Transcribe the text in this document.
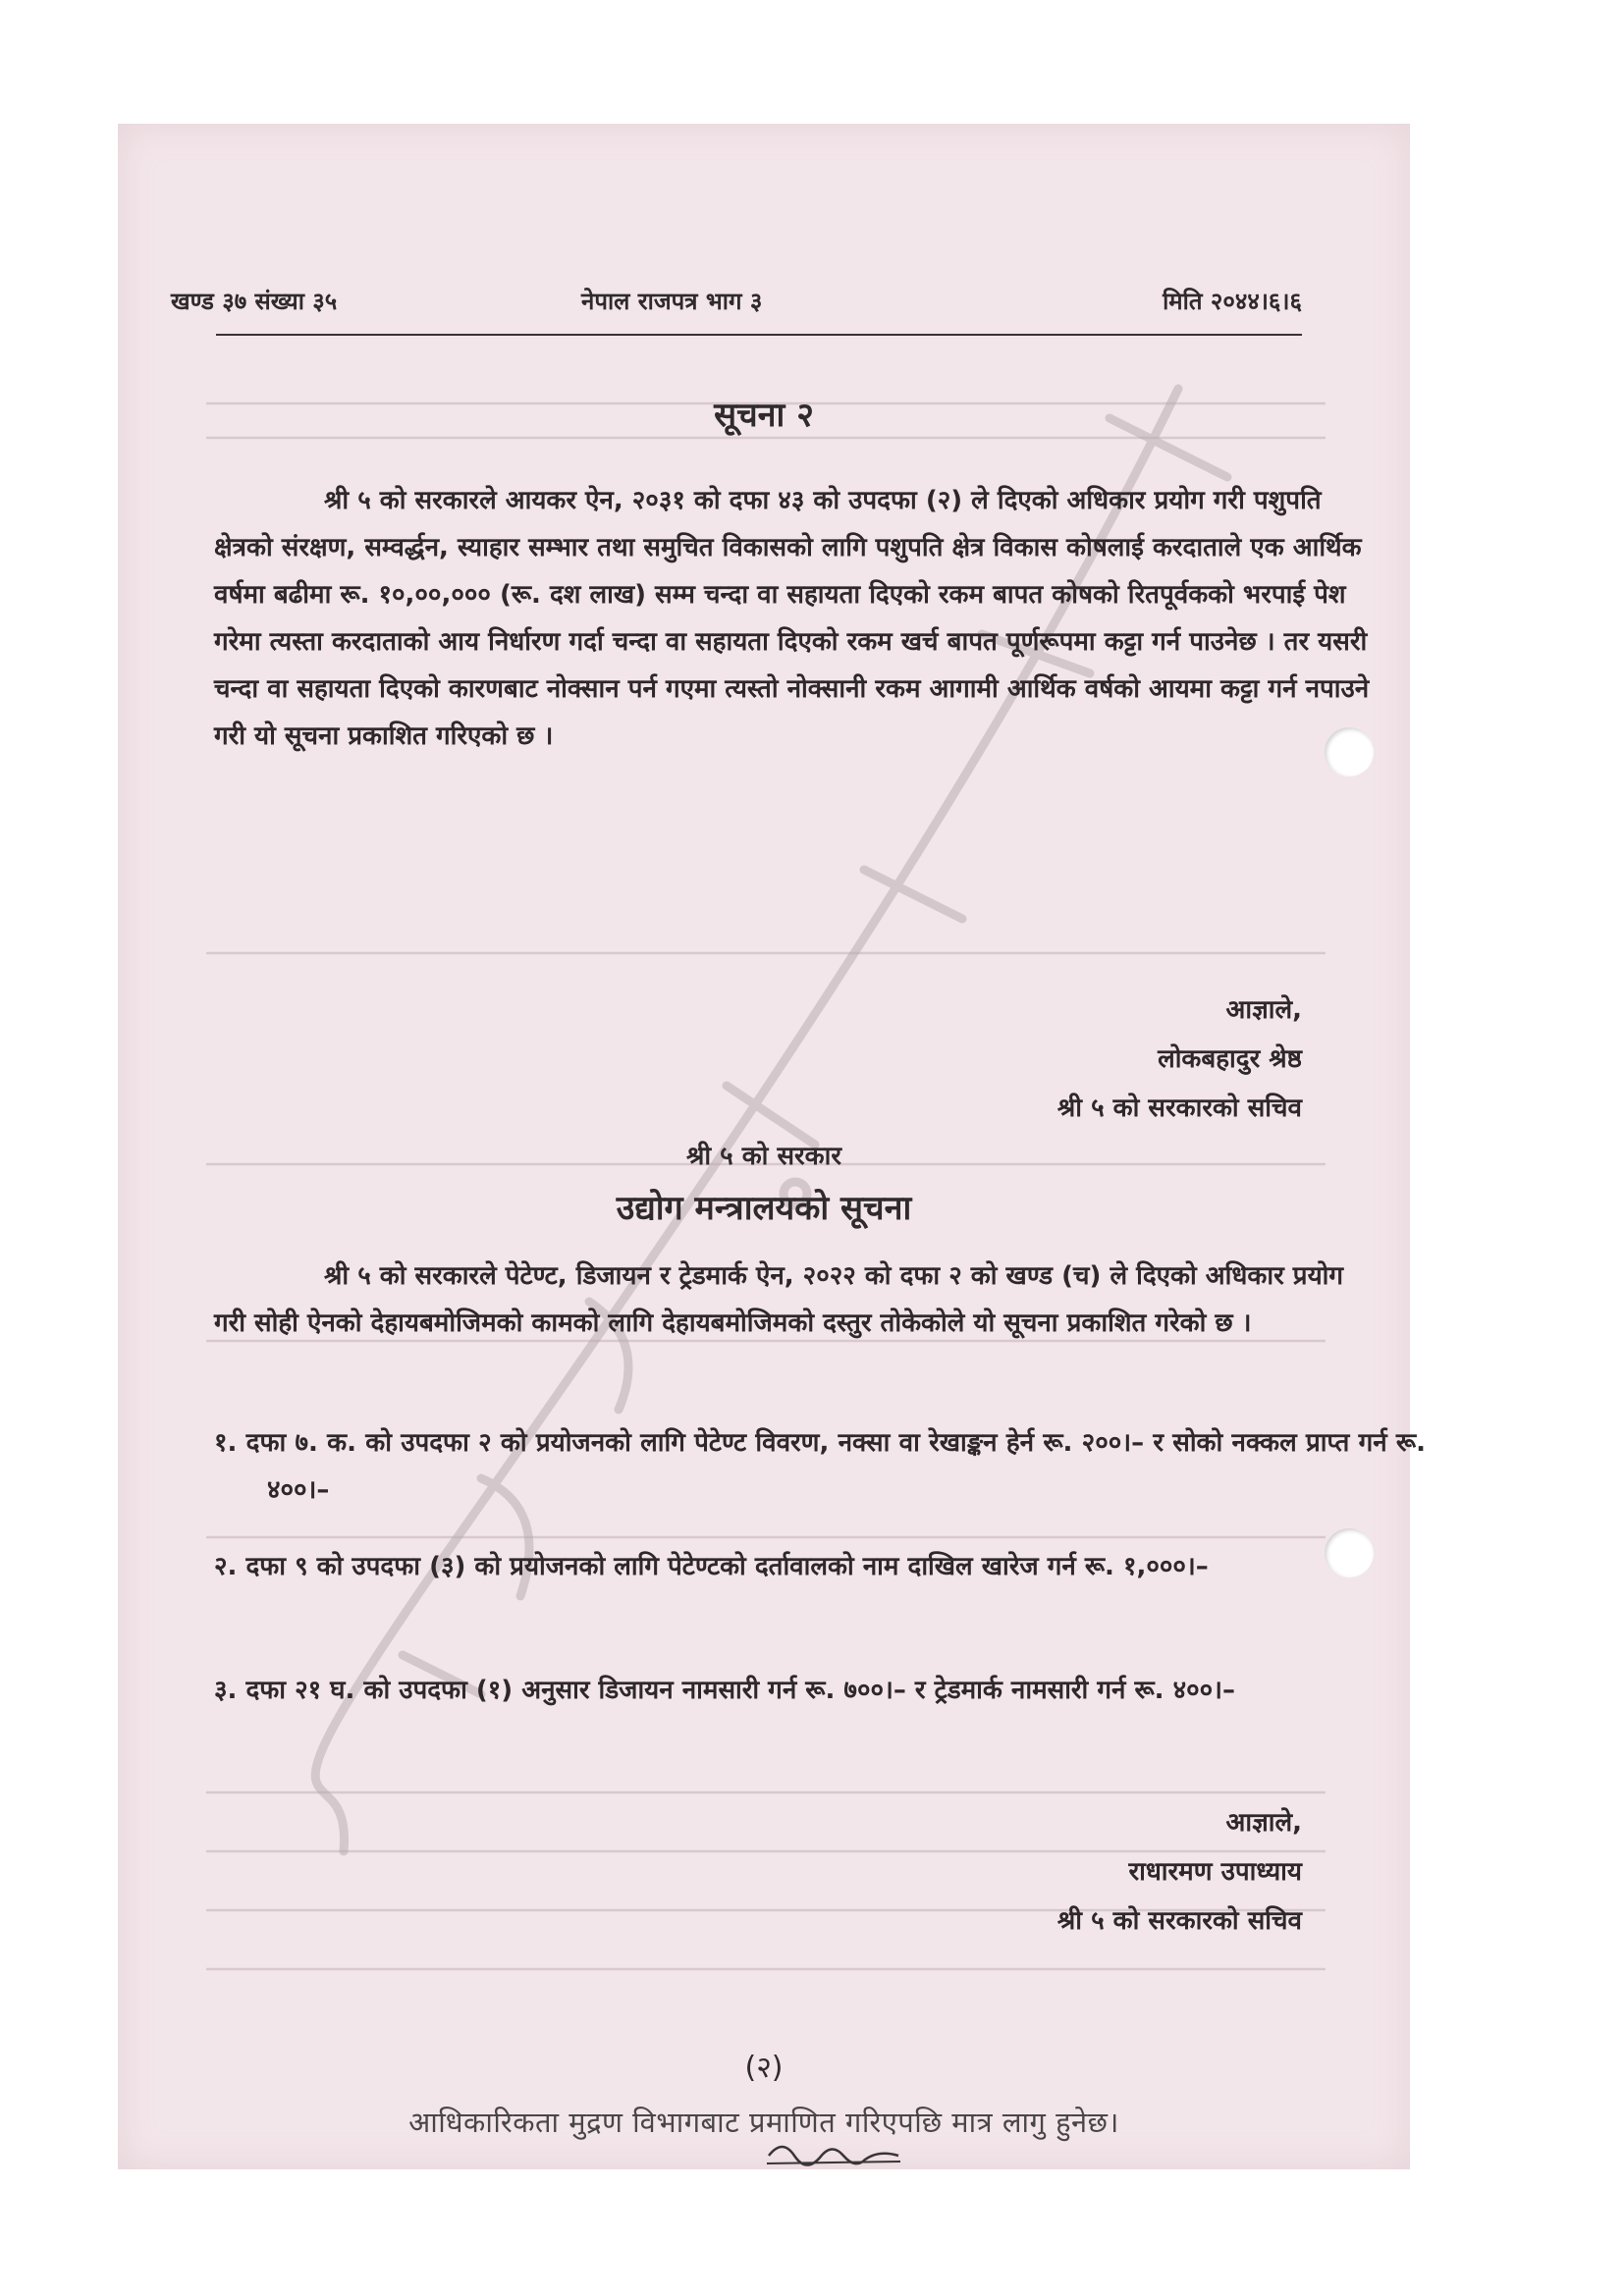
खण्ड ३७ संख्या ३५	नेपाल राजपत्र भाग ३	मिति २०४४।६।६
सूचना २

श्री ५ को सरकारले आयकर ऐन, २०३१ को दफा ४३ को उपदफा (२) ले दिएको अधिकार प्रयोग गरी पशुपति क्षेत्रको संरक्षण, सम्वर्द्धन, स्याहार सम्भार तथा समुचित विकासको लागि पशुपति क्षेत्र विकास कोषलाई करदाताले एक आर्थिक वर्षमा बढीमा रू. १०,००,००० (रू. दश लाख) सम्म चन्दा वा सहायता दिएको रकम बापत कोषको रितपूर्वकको भरपाई पेश गरेमा त्यस्ता करदाताको आय निर्धारण गर्दा चन्दा वा सहायता दिएको रकम खर्च बापत पूर्णरूपमा कट्टा गर्न पाउनेछ । तर यसरी चन्दा वा सहायता दिएको कारणबाट नोक्सान पर्न गएमा त्यस्तो नोक्सानी रकम आगामी आर्थिक वर्षको आयमा कट्टा गर्न नपाउने गरी यो सूचना प्रकाशित गरिएको छ ।

आज्ञाले,
लोकबहादुर श्रेष्ठ
श्री ५ को सरकारको सचिव
श्री ५ को सरकार
उद्योग मन्त्रालयको सूचना

श्री ५ को सरकारले पेटेण्ट, डिजायन र ट्रेडमार्क ऐन, २०२२ को दफा २ को खण्ड (च) ले दिएको अधिकार प्रयोग गरी सोही ऐनको देहायबमोजिमको कामको लागि देहायबमोजिमको दस्तुर तोकेकोले यो सूचना प्रकाशित गरेको छ ।

१. दफा ७. क. को उपदफा २ को प्रयोजनको लागि पेटेण्ट विवरण, नक्सा वा रेखाङ्कन हेर्न रू. २००।– र सोको नक्कल प्राप्त गर्न रू. ४००।–

२. दफा ९ को उपदफा (३) को प्रयोजनको लागि पेटेण्टको दर्तावालको नाम दाखिल खारेज गर्न रू. १,०००।–

३. दफा २१ घ. को उपदफा (१) अनुसार डिजायन नामसारी गर्न रू. ७००।– र ट्रेडमार्क नामसारी गर्न रू. ४००।–

आज्ञाले,
राधारमण उपाध्याय
श्री ५ को सरकारको सचिव
(२)
आधिकारिकता मुद्रण विभागबाट प्रमाणित गरिएपछि मात्र लागु हुनेछ।
